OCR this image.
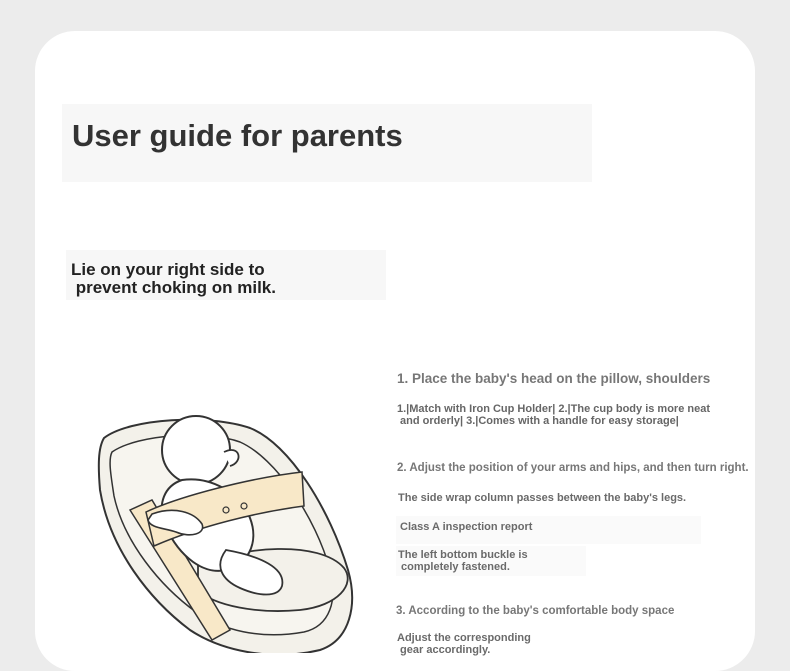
User guide for parents
Lie on your right side to
prevent choking on milk.
1. Place the baby's head on the pillow, shoulders
1.|Match with Iron Cup Holder| 2.|The cup body is more neat
and orderly| 3.|Comes with a handle for easy storage|
2. Adjust the position of your arms and hips, and then turn right.
The side wrap column passes between the baby's legs.
Class A inspection report
The left bottom buckle is
completely fastened.
3. According to the baby's comfortable body space
Adjust the corresponding
gear accordingly.
